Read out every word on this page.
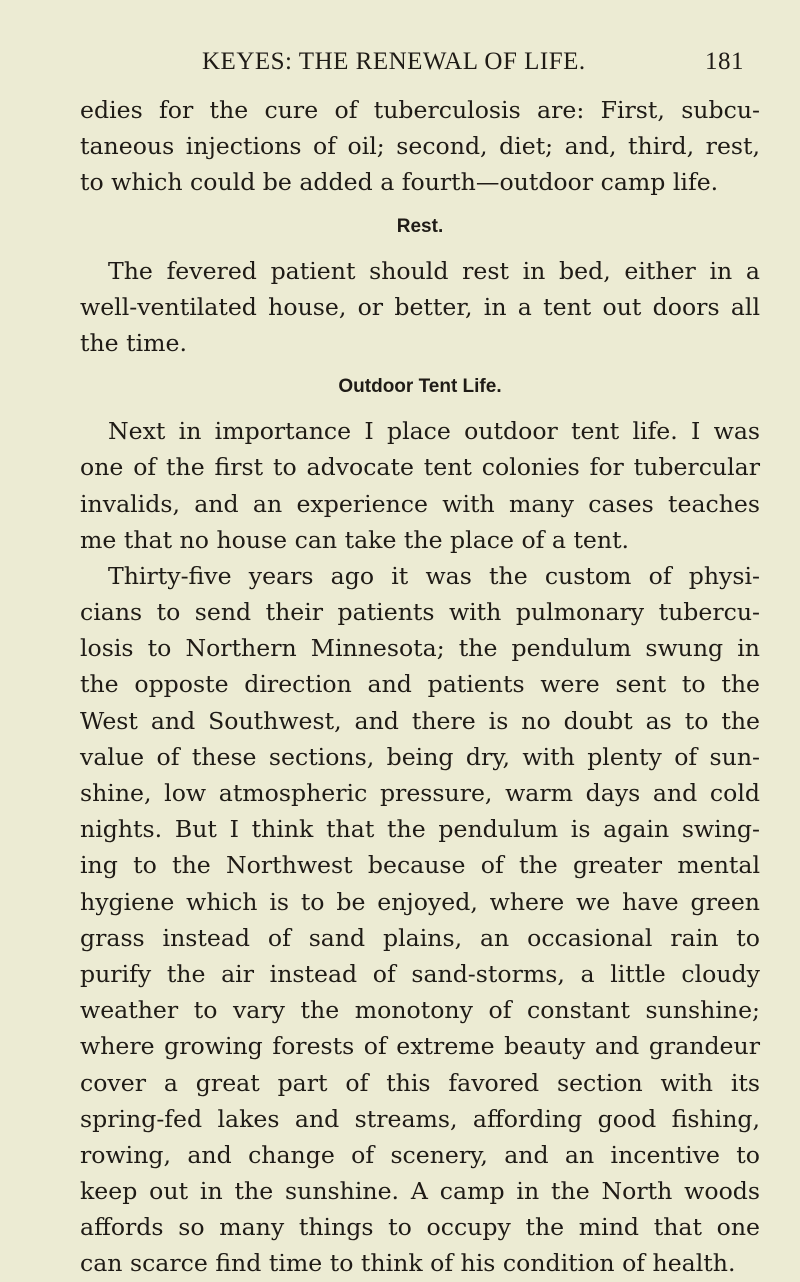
KEYES: THE RENEWAL OF LIFE.	181
edies for the cure of tuberculosis are: First, subcu-
taneous injections of oil; second, diet; and, third, rest,
to which could be added a fourth—outdoor camp life.
Rest.
The fevered patient should rest in bed, either in a
well-ventilated house, or better, in a tent out doors all
the time.
Outdoor Tent Life.
Next in importance I place outdoor tent life. I was
one of the first to advocate tent colonies for tubercular
invalids, and an experience with many cases teaches
me that no house can take the place of a tent.
Thirty-five years ago it was the custom of physi-
cians to send their patients with pulmonary tubercu-
losis to Northern Minnesota; the pendulum swung in
the opposte direction and patients were sent to the
West and Southwest, and there is no doubt as to the
value of these sections, being dry, with plenty of sun-
shine, low atmospheric pressure, warm days and cold
nights. But I think that the pendulum is again swing-
ing to the Northwest because of the greater mental
hygiene which is to be enjoyed, where we have green
grass instead of sand plains, an occasional rain to
purify the air instead of sand-storms, a little cloudy
weather to vary the monotony of constant sunshine;
where growing forests of extreme beauty and grandeur
cover a great part of this favored section with its
spring-fed lakes and streams, affording good fishing,
rowing, and change of scenery, and an incentive to
keep out in the sunshine. A camp in the North woods
affords so many things to occupy the mind that one
can scarce find time to think of his condition of health.
